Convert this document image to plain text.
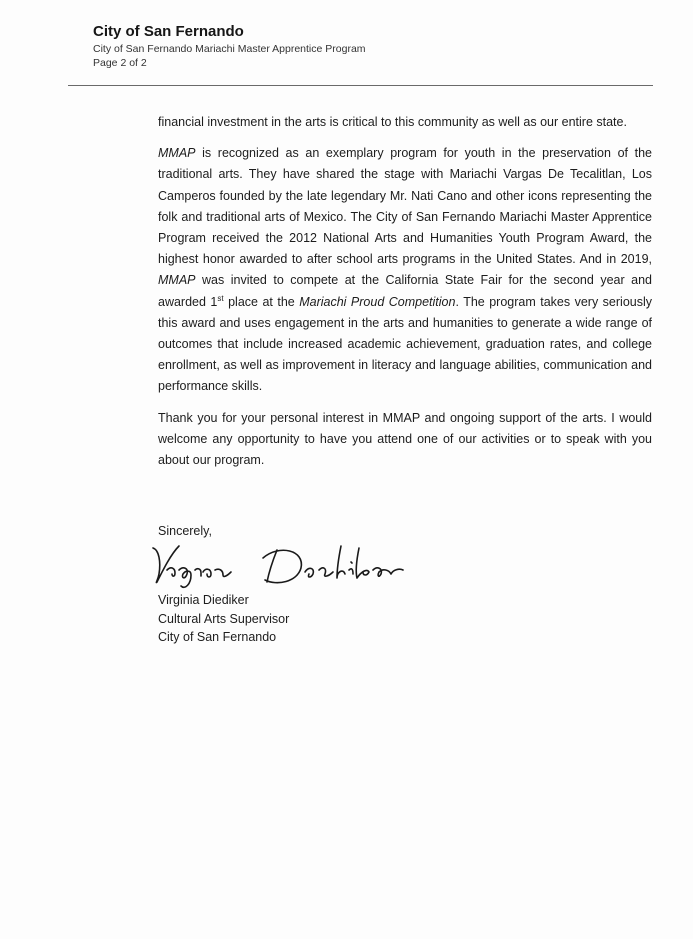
City of San Fernando
City of San Fernando Mariachi Master Apprentice Program
Page 2 of 2

financial investment in the arts is critical to this community as well as our entire state.

MMAP is recognized as an exemplary program for youth in the preservation of the traditional arts. They have shared the stage with Mariachi Vargas De Tecalitlan, Los Camperos founded by the late legendary Mr. Nati Cano and other icons representing the folk and traditional arts of Mexico. The City of San Fernando Mariachi Master Apprentice Program received the 2012 National Arts and Humanities Youth Program Award, the highest honor awarded to after school arts programs in the United States. And in 2019, MMAP was invited to compete at the California State Fair for the second year and awarded 1st place at the Mariachi Proud Competition. The program takes very seriously this award and uses engagement in the arts and humanities to generate a wide range of outcomes that include increased academic achievement, graduation rates, and college enrollment, as well as improvement in literacy and language abilities, communication and performance skills.

Thank you for your personal interest in MMAP and ongoing support of the arts. I would welcome any opportunity to have you attend one of our activities or to speak with you about our program.

Sincerely,
Virginia Diediker
Cultural Arts Supervisor
City of San Fernando
